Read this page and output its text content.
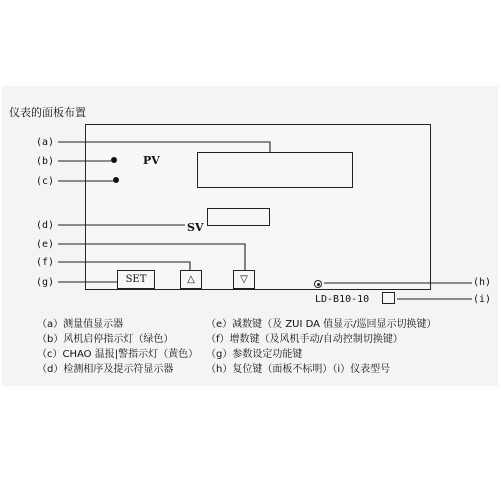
仪表的面板布置
PV
SV
SET	△	▽
LD-B10-10
(a)
(b)
(c)
(d)
(e)
(f)
(g)	(h)
(i)
（a）测量值显示器	（e）减数键（及 ZUI DA 值显示/巡回显示切换键）
（b）风机启停指示灯（绿色）	（f）增数键（及风机手动/自动控制切换键）
（c）CHAO 温报|警指示灯（黄色） （g）参数设定功能键
（d）检测相序及提示符显示器	（h）复位键（面板不标明）（i）仪表型号
